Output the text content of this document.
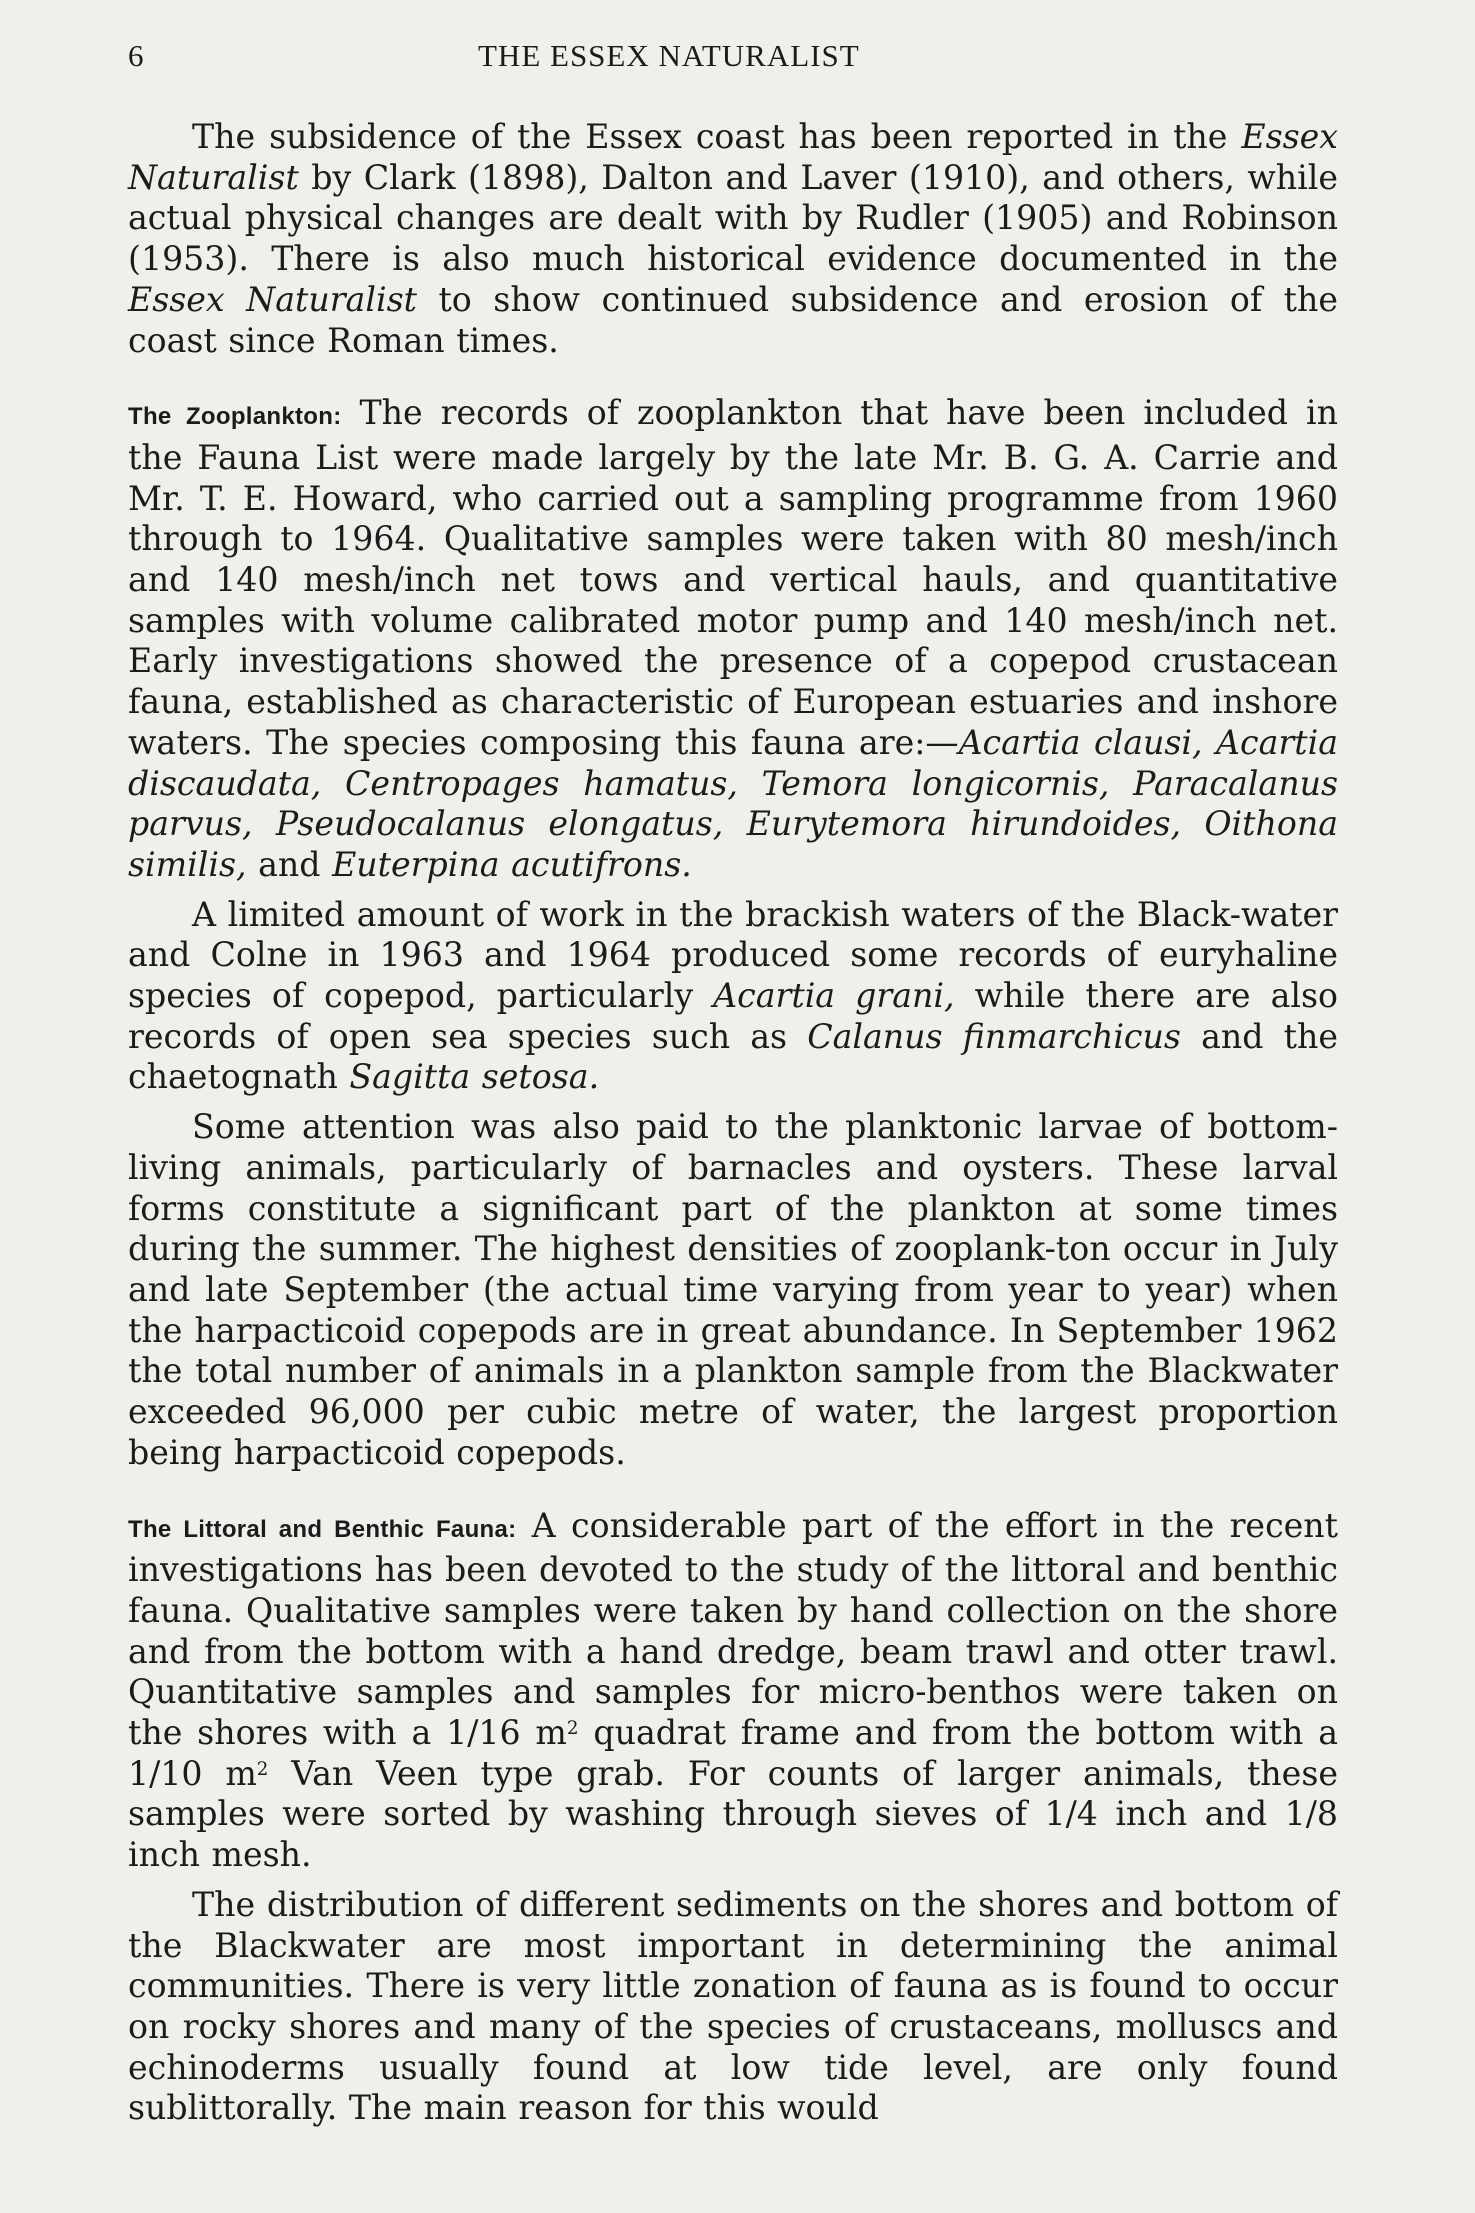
6	THE ESSEX NATURALIST

The subsidence of the Essex coast has been reported in the Essex Naturalist by Clark (1898), Dalton and Laver (1910), and others, while actual physical changes are dealt with by Rudler (1905) and Robinson (1953). There is also much historical evidence documented in the Essex Naturalist to show continued subsidence and erosion of the coast since Roman times.

The Zooplankton: The records of zooplankton that have been included in the Fauna List were made largely by the late Mr. B. G. A. Carrie and Mr. T. E. Howard, who carried out a sampling programme from 1960 through to 1964. Qualitative samples were taken with 80 mesh/inch and 140 mesh/inch net tows and vertical hauls, and quantitative samples with volume calibrated motor pump and 140 mesh/inch net. Early investigations showed the presence of a copepod crustacean fauna, established as characteristic of European estuaries and inshore waters. The species composing this fauna are:—Acartia clausi, Acartia discaudata, Centropages hamatus, Temora longicornis, Paracalanus parvus, Pseudocalanus elongatus, Eurytemora hirundoides, Oithona similis, and Euterpina acutifrons.

A limited amount of work in the brackish waters of the Black-water and Colne in 1963 and 1964 produced some records of euryhaline species of copepod, particularly Acartia grani, while there are also records of open sea species such as Calanus finmarchicus and the chaetognath Sagitta setosa.

Some attention was also paid to the planktonic larvae of bottom-living animals, particularly of barnacles and oysters. These larval forms constitute a significant part of the plankton at some times during the summer. The highest densities of zooplank-ton occur in July and late September (the actual time varying from year to year) when the harpacticoid copepods are in great abundance. In September 1962 the total number of animals in a plankton sample from the Blackwater exceeded 96,000 per cubic metre of water, the largest proportion being harpacticoid copepods.

The Littoral and Benthic Fauna: A considerable part of the effort in the recent investigations has been devoted to the study of the littoral and benthic fauna. Qualitative samples were taken by hand collection on the shore and from the bottom with a hand dredge, beam trawl and otter trawl. Quantitative samples and samples for micro-benthos were taken on the shores with a 1/16 $m^2$ quadrat frame and from the bottom with a 1/10 $m^2$ Van Veen type grab. For counts of larger animals, these samples were sorted by washing through sieves of 1/4 inch and 1/8 inch mesh.

The distribution of different sediments on the shores and bottom of the Blackwater are most important in determining the animal communities. There is very little zonation of fauna as is found to occur on rocky shores and many of the species of crustaceans, molluscs and echinoderms usually found at low tide level, are only found sublittorally. The main reason for this would
